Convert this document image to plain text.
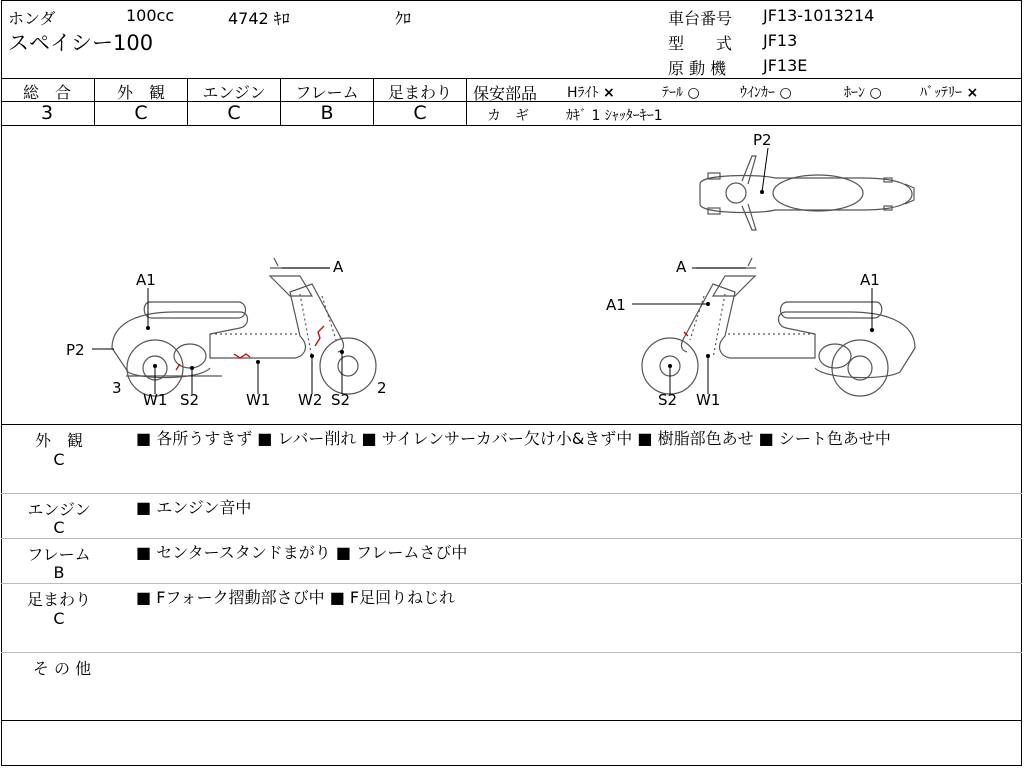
ホンダ	100cc	4742 ｷﾛ	ｸﾛ
スペイシー100
車台番号 JF13-1013214
型　　式 JF13
原 動 機 JF13E
総　合	外　観	エンジン	フレーム	足まわり
3	C	C	B	C
保安部品 Hﾗｲﾄ ×	ﾃｰﾙ ○	ｳｲﾝｶｰ ○	ﾎｰﾝ ○	ﾊﾞｯﾃﾘｰ ×
カ　ギ	ｶｷﾞ 1 ｼｬｯﾀｰｷｰ1
P2
A
A1
P2
3	2
W1 S2	W1 W2 S2
A
A1
A1
S2 W1
外　観
C
■ 各所うすきず ■ レバー削れ ■ サイレンサーカバー欠け小&きず中 ■ 樹脂部色あせ ■ シート色あせ中
エンジン
C
■ エンジン音中
フレーム
B
■ センタースタンドまがり ■ フレームさび中
足まわり
C
■ Fフォーク摺動部さび中 ■ F足回りねじれ
そ の 他
